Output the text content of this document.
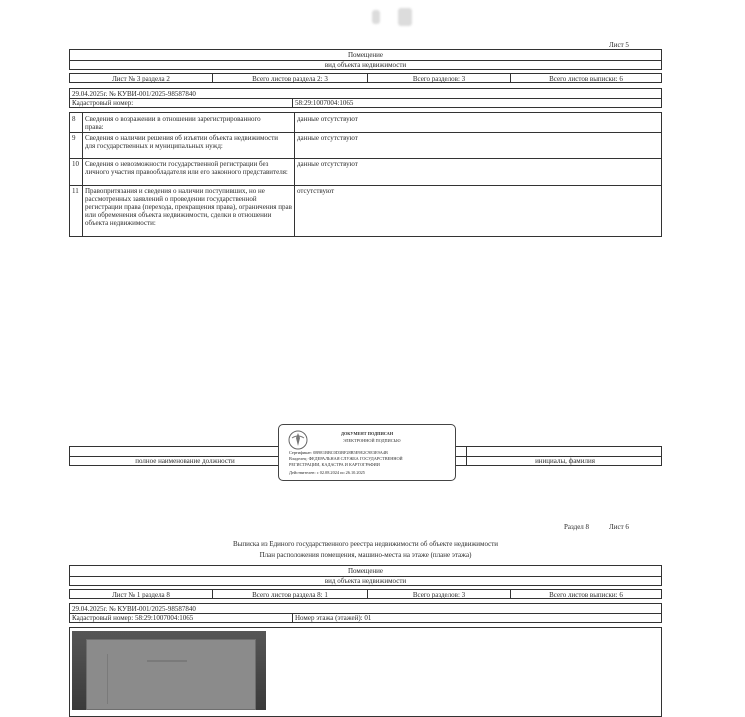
Лист 5
Помещение
вид объекта недвижимости
Лист № 3 раздела 2	Всего листов раздела 2: 3	Всего разделов: 3	Всего листов выписки: 6
29.04.2025г. № КУВИ-001/2025-98587840
Кадастровый номер:	58:29:1007004:1065
8 Сведения о возражении в отношении зарегистрированного права:
данные отсутствуют
9 Сведения о наличии решения об изъятии объекта недвижимости для государственных и муниципальных нужд:
данные отсутствуют
10 Сведения о невозможности государственной регистрации без личного участия правообладателя или его законного представителя:
данные отсутствуют
11 Правопритязания и сведения о наличии поступивших, но не рассмотренных заявлений о проведении государственной регистрации права (перехода, прекращения права), ограничения прав или обременения объекта недвижимости, сделки в отношении объекта недвижимости:
отсутствуют
полное наименование должности	инициалы, фамилия
ДОКУМЕНТ ПОДПИСАН
ЭЛЕКТРОННОЙ ПОДПИСЬЮ
Сертификат: 0B9E1BBC0D3BF28B5E9E2C9E3E9A4B
Владелец: ФЕДЕРАЛЬНАЯ СЛУЖБА ГОСУДАРСТВЕННОЙ
РЕГИСТРАЦИИ, КАДАСТРА И КАРТОГРАФИИ
Действителен: с 02.08.2024 по 26.10.2025
Раздел 8	Лист 6
Выписка из Единого государственного реестра недвижимости об объекте недвижимости
План расположения помещения, машино-места на этаже (плане этажа)
Помещение
вид объекта недвижимости
Лист № 1 раздела 8	Всего листов раздела 8: 1	Всего разделов: 3	Всего листов выписки: 6
29.04.2025г. № КУВИ-001/2025-98587840
Кадастровый номер: 58:29:1007004:1065	Номер этажа (этажей): 01
